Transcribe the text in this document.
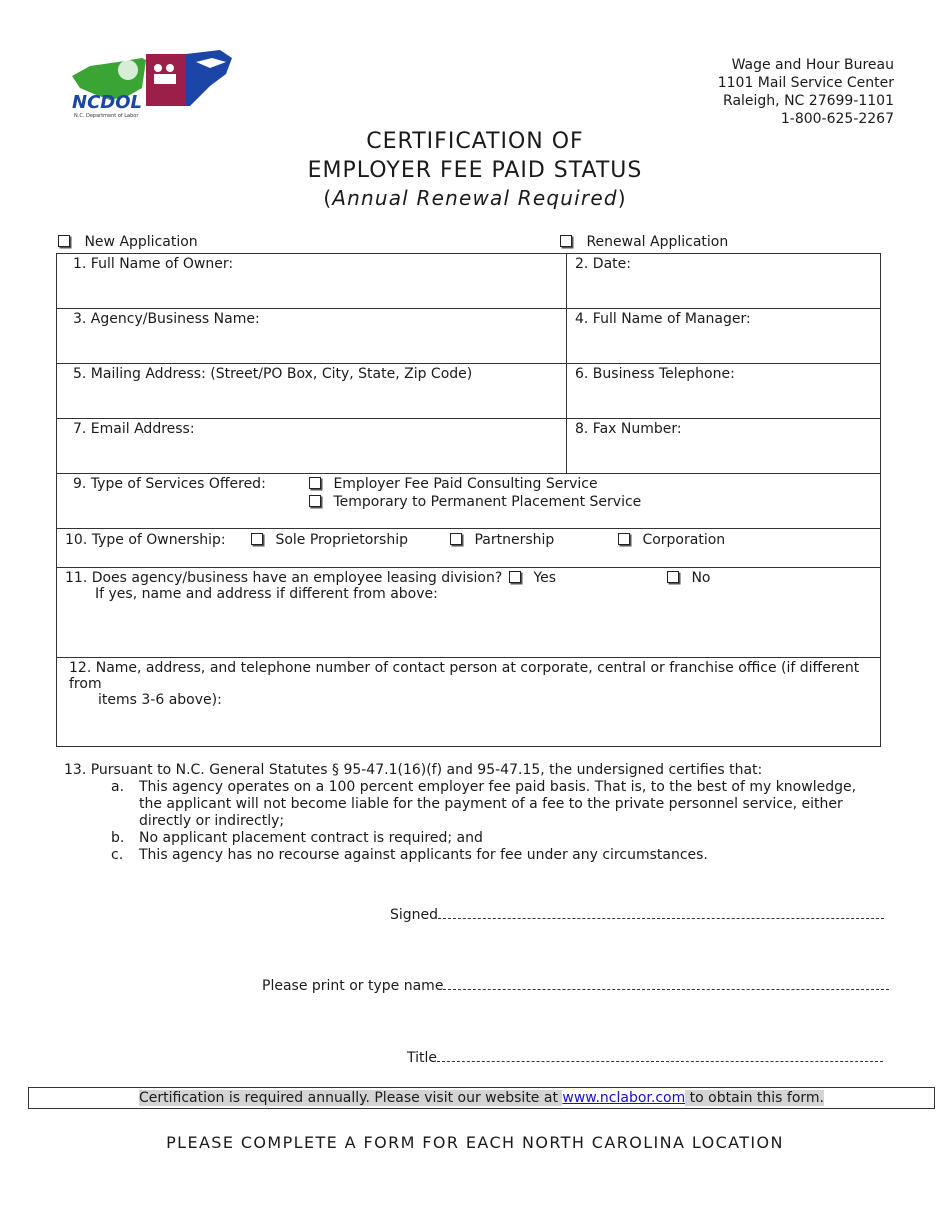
NCDOL
N.C. Department of Labor
Wage and Hour Bureau
1101 Mail Service Center
Raleigh, NC 27699-1101
1-800-625-2267
CERTIFICATION OF
EMPLOYER FEE PAID STATUS
(Annual Renewal Required)
New Application	Renewal Application
1. Full Name of Owner:	2. Date:
3. Agency/Business Name:	4. Full Name of Manager:
5. Mailing Address: (Street/PO Box, City, State, Zip Code)	6. Business Telephone:
7. Email Address:	8. Fax Number:
9. Type of Services Offered: Employer Fee Paid Consulting Service
Temporary to Permanent Placement Service	

10. Type of Ownership: Sole Proprietorship Partnership Corporation	

11. Does agency/business have an employee leasing division?
If yes, name and address if different from above:
Yes No	

12. Name, address, and telephone number of contact person at corporate, central or franchise office (if different from
items 3-6 above):	
13. Pursuant to N.C. General Statutes § 95-47.1(16)(f) and 95-47.15, the undersigned certifies that:
a. This agency operates on a 100 percent employer fee paid basis. That is, to the best of my knowledge, the applicant will not become liable for the payment of a fee to the private personnel service, either directly or indirectly;
b. No applicant placement contract is required; and
c. This agency has no recourse against applicants for fee under any circumstances.
Signed
Please print or type name
Title
Certification is required annually. Please visit our website at www.nclabor.com to obtain this form.
PLEASE COMPLETE A FORM FOR EACH NORTH CAROLINA LOCATION
